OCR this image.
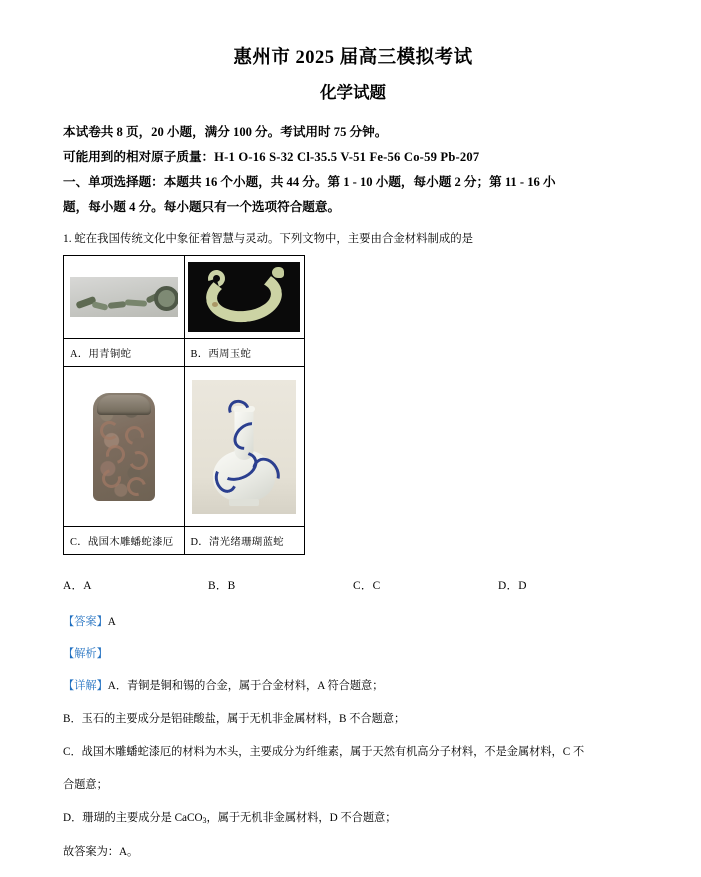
惠州市 2025 届高三模拟考试
化学试题
本试卷共 8 页，20 小题，满分 100 分。考试用时 75 分钟。
可能用到的相对原子质量：H-1 O-16 S-32 Cl-35.5 V-51 Fe-56 Co-59 Pb-207
一、单项选择题：本题共 16 个小题，共 44 分。第 1 - 10 小题，每小题 2 分；第 11 - 16 小
题，每小题 4 分。每小题只有一个选项符合题意。
1. 蛇在我国传统文化中象征着智慧与灵动。下列文物中，主要由合金材料制成的是

A．用青铜蛇	B．西周玉蛇

C．战国木雕蟠蛇漆厄	D．清光绪珊瑚蓝蛇
A．A	B．B	C．C	D．D
【答案】A
【解析】
【详解】A．青铜是铜和锡的合金，属于合金材料，A 符合题意；
B．玉石的主要成分是铝硅酸盐，属于无机非金属材料，B 不合题意；
C．战国木雕蟠蛇漆厄的材料为木头，主要成分为纤维素，属于天然有机高分子材料，不是金属材料，C 不
合题意；
D．珊瑚的主要成分是 CaCO$_3$，属于无机非金属材料，D 不合题意；
故答案为：A。
